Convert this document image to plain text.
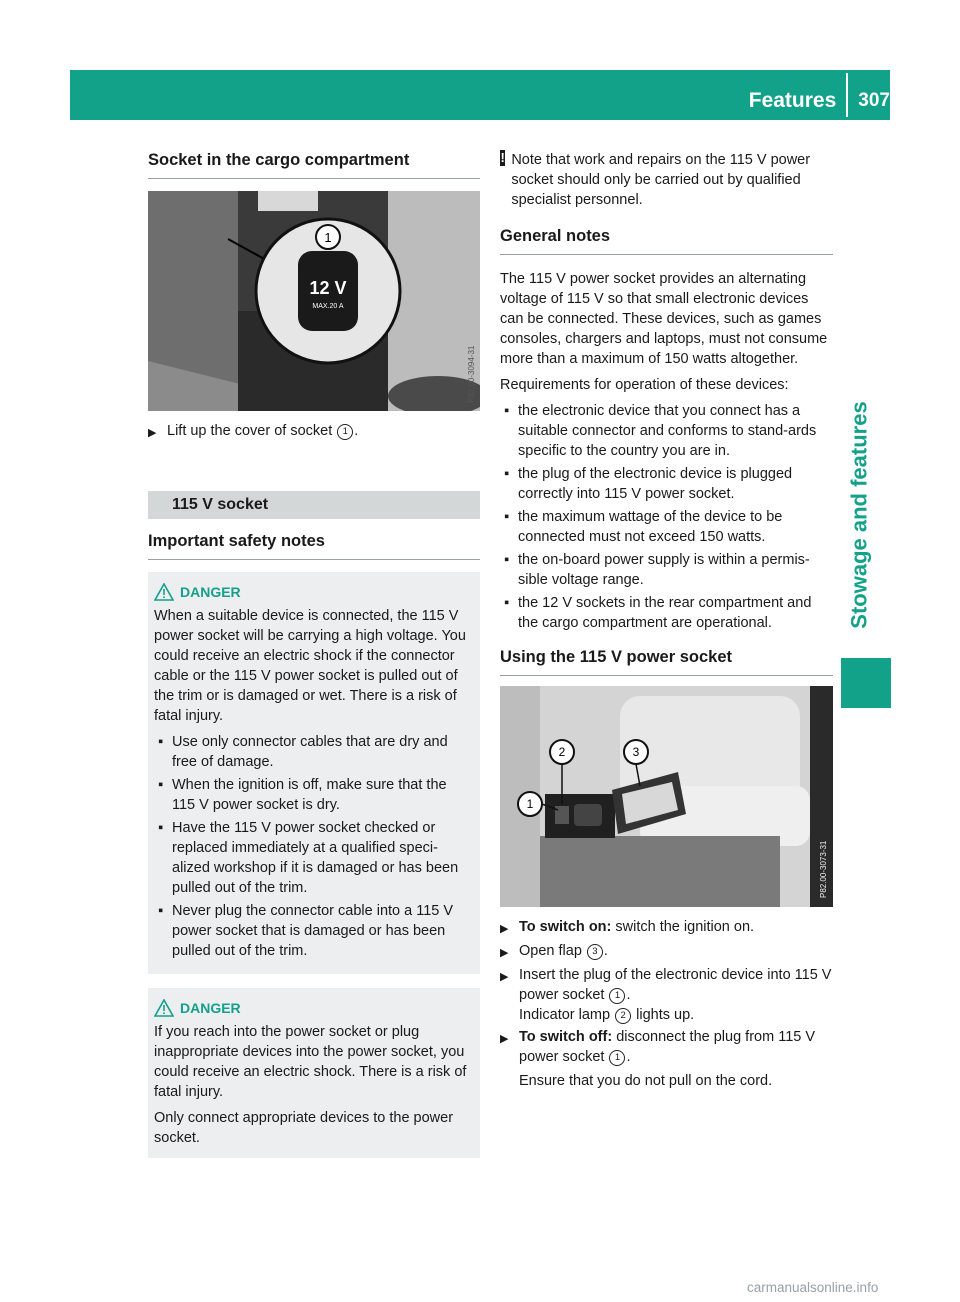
Features 307
Stowage and features
Socket in the cargo compartment
1
12 V
MAX.20 A
P82.00-3094-31
▶ Lift up the cover of socket 1 .
115 V socket
Important safety notes
DANGER

When a suitable device is connected, the 115 V power socket will be carrying a high voltage. You could receive an electric shock if the connector cable or the 115 V power socket is pulled out of the trim or is damaged or wet. There is a risk of fatal injury.

▪ Use only connector cables that are dry and free of damage.
▪ When the ignition is off, make sure that the 115 V power socket is dry.
▪ Have the 115 V power socket checked or replaced immediately at a qualified speci-alized workshop if it is damaged or has been pulled out of the trim.
▪ Never plug the connector cable into a 115 V power socket that is damaged or has been pulled out of the trim.
DANGER

If you reach into the power socket or plug inappropriate devices into the power socket, you could receive an electric shock. There is a risk of fatal injury.

Only connect appropriate devices to the power socket.

! Note that work and repairs on the 115 V power socket should only be carried out by qualified specialist personnel.

General notes

The 115 V power socket provides an alternating voltage of 115 V so that small electronic devices can be connected. These devices, such as games consoles, chargers and laptops, must not consume more than a maximum of 150 watts altogether.

Requirements for operation of these devices:

▪ the electronic device that you connect has a suitable connector and conforms to stand-ards specific to the country you are in.
▪ the plug of the electronic device is plugged correctly into 115 V power socket.
▪ the maximum wattage of the device to be connected must not exceed 150 watts.
▪ the on-board power supply is within a permis-sible voltage range.
▪ the 12 V sockets in the rear compartment and the cargo compartment are operational.
Using the 115 V power socket
1
2	3
P82.00-3073-31
▶ To switch on: switch the ignition on.
▶ Open flap 3 .
▶ Insert the plug of the electronic device into 115 V power socket 1 .
Indicator lamp 2 lights up.
▶ To switch off: disconnect the plug from 115 V power socket 1 .

Ensure that you do not pull on the cord.
carmanualsonline.info
